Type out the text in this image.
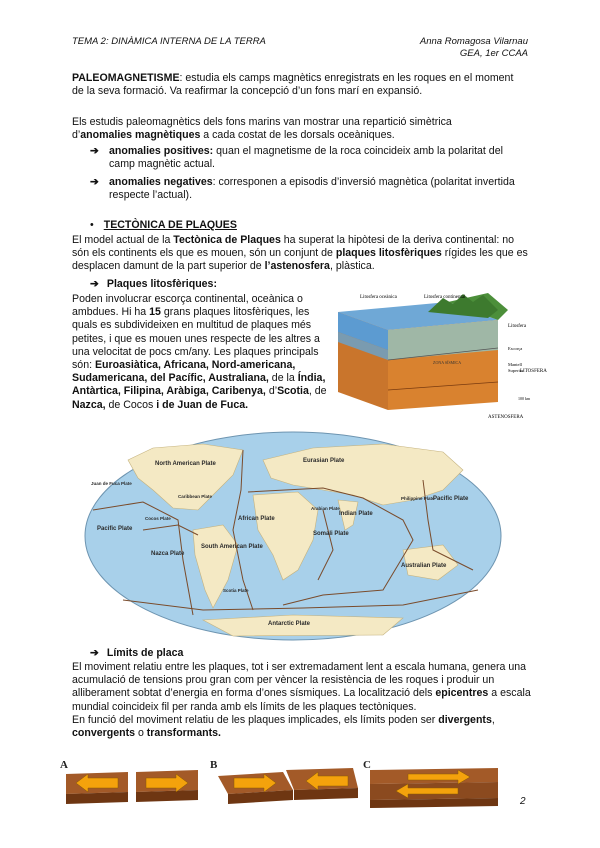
TEMA 2: DINÀMICA INTERNA DE LA TERRA	Anna Romagosa Vilarnau
GEA, 1er CCAA
PALEOMAGNETISME: estudia els camps magnètics enregistrats en les roques en el moment de la seva formació. Va reafirmar la concepció d’un fons marí en expansió.
Els estudis paleomagnètics dels fons marins van mostrar una repartició simètrica
d’anomalies magnètiques a cada costat de les dorsals oceàniques.
➔ anomalies positives: quan el magnetisme de la roca coincideix amb la polaritat del camp magnètic actual.
➔ anomalies negatives: corresponen a episodis d’inversió magnètica (polaritat invertida respecte l’actual).
• TECTÒNICA DE PLAQUES
El model actual de la Tectònica de Plaques ha superat la hipòtesi de la deriva continental: no són els continents els que es mouen, són un conjunt de plaques litosfèriques rígides les que es desplacen damunt de la part superior de l’astenosfera, plàstica.
➔ Plaques litosfèriques:
Poden involucrar escorça continental, oceànica o ambdues. Hi ha 15 grans plaques litosfèriques, les quals es subdivideixen en multitud de plaques més petites, i que es mouen unes respecte de les altres a una velocitat de pocs cm/any. Les plaques principals són: Euroasiàtica, Africana, Nord-americana, Sudamericana, del Pacífic, Australiana, de la Índia, Antàrtica, Filipina, Aràbiga, Caribenya, d’Scotia, de Nazca, de Cocos i de Juan de Fuca.
Litosfera oceànica	Litosfera continental
Litosfera
Escorça
Mantell
Superior
LITOSFERA
ASTENOSFERA
ZONA SÍSMICA
100 km
North American Plate
Juan de Fuca Plate
Caribbean Plate
Cocos Plate
Pacific Plate
Nazca Plate
South American Plate
Scotia Plate
Eurasian Plate
African Plate
Arabian Plate
Indian Plate
Somali Plate
Philippine Plate
Pacific Plate
Australian Plate
Antarctic Plate
➔ Límits de placa
El moviment relatiu entre les plaques, tot i ser extremadament lent a escala humana, genera una acumulació de tensions prou gran com per vèncer la resistència de les roques i produir un alliberament sobtat d’energia en forma d’ones sísmiques. La localització dels epicentres a escala mundial coincideix fil per randa amb els límits de les plaques tectòniques.
En funció del moviment relatiu de les plaques implicades, els límits poden ser divergents, convergents o transformants.
A	B	C
2
